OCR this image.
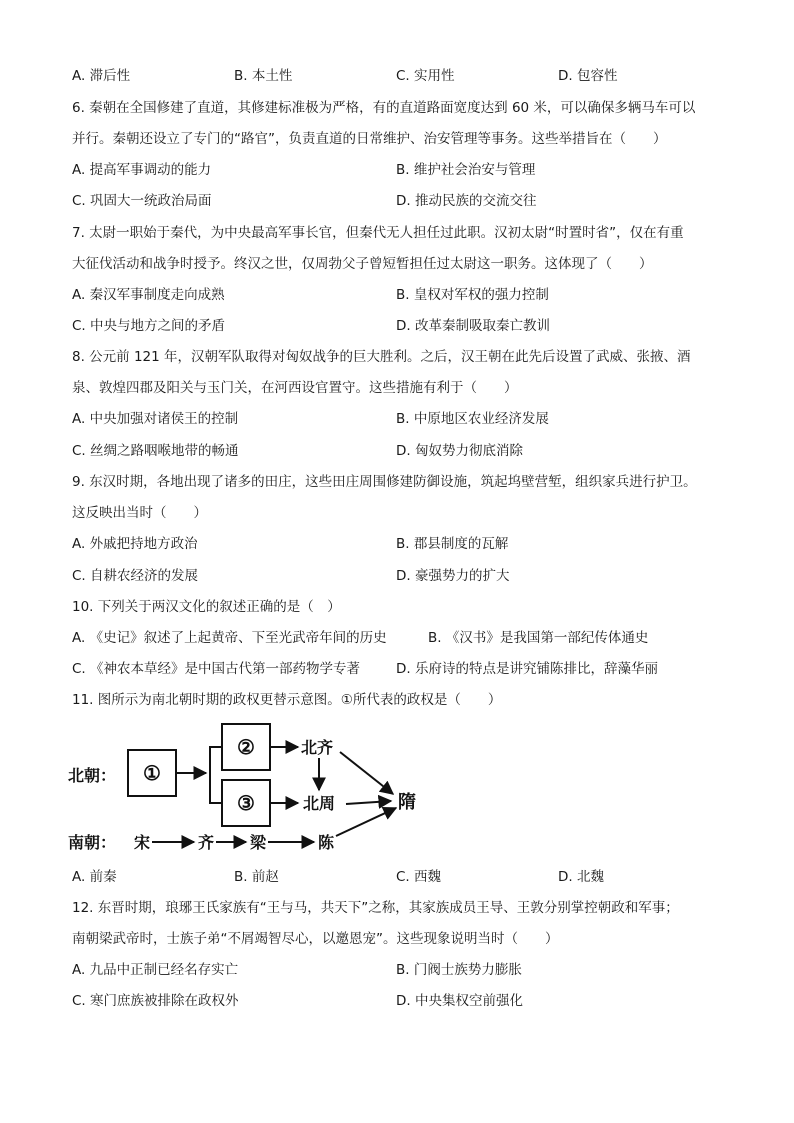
A. 滞后性	B. 本土性	C. 实用性	D. 包容性
6. 秦朝在全国修建了直道，其修建标准极为严格，有的直道路面宽度达到 60 米，可以确保多辆马车可以
并行。秦朝还设立了专门的“路官”，负责直道的日常维护、治安管理等事务。这些举措旨在（　　）
A. 提高军事调动的能力	B. 维护社会治安与管理
C. 巩固大一统政治局面	D. 推动民族的交流交往
7. 太尉一职始于秦代，为中央最高军事长官，但秦代无人担任过此职。汉初太尉“时置时省”，仅在有重
大征伐活动和战争时授予。终汉之世，仅周勃父子曾短暂担任过太尉这一职务。这体现了（　　）
A. 秦汉军事制度走向成熟	B. 皇权对军权的强力控制
C. 中央与地方之间的矛盾	D. 改革秦制吸取秦亡教训
8. 公元前 121 年，汉朝军队取得对匈奴战争的巨大胜利。之后，汉王朝在此先后设置了武威、张掖、酒
泉、敦煌四郡及阳关与玉门关，在河西设官置守。这些措施有利于（　　）
A. 中央加强对诸侯王的控制	B. 中原地区农业经济发展
C. 丝绸之路咽喉地带的畅通	D. 匈奴势力彻底消除
9. 东汉时期，各地出现了诸多的田庄，这些田庄周围修建防御设施，筑起坞壁营堑，组织家兵进行护卫。
这反映出当时（　　）
A. 外戚把持地方政治	B. 郡县制度的瓦解
C. 自耕农经济的发展	D. 豪强势力的扩大
10. 下列关于两汉文化的叙述正确的是（　）
A. 《史记》叙述了上起黄帝、下至光武帝年间的历史	B. 《汉书》是我国第一部纪传体通史
C. 《神农本草经》是中国古代第一部药物学专著	D. 乐府诗的特点是讲究铺陈排比，辞藻华丽
11. 图所示为南北朝时期的政权更替示意图。①所代表的政权是（　　）
北朝：
南朝：
①
②
③
北齐
北周	隋
宋	齐 梁	陈
A. 前秦	B. 前赵	C. 西魏	D. 北魏
12. 东晋时期，琅琊王氏家族有“王与马，共天下”之称，其家族成员王导、王敦分别掌控朝政和军事；
南朝梁武帝时，士族子弟“不屑竭智尽心，以邀恩宠”。这些现象说明当时（　　）
A. 九品中正制已经名存实亡	B. 门阀士族势力膨胀
C. 寒门庶族被排除在政权外	D. 中央集权空前强化
